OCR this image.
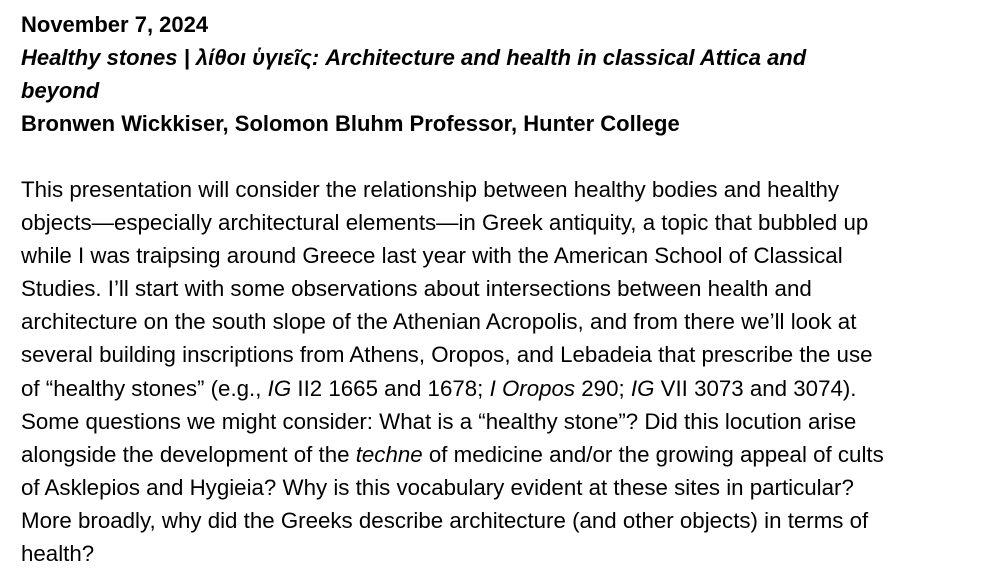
November 7, 2024
Healthy stones | λίθοι ὑγιεῖς: Architecture and health in classical Attica and
beyond
Bronwen Wickkiser, Solomon Bluhm Professor, Hunter College
This presentation will consider the relationship between healthy bodies and healthy
objects—especially architectural elements—in Greek antiquity, a topic that bubbled up
while I was traipsing around Greece last year with the American School of Classical
Studies. I’ll start with some observations about intersections between health and
architecture on the south slope of the Athenian Acropolis, and from there we’ll look at
several building inscriptions from Athens, Oropos, and Lebadeia that prescribe the use
of “healthy stones” (e.g., IG II2 1665 and 1678; I Oropos 290; IG VII 3073 and 3074).
Some questions we might consider: What is a “healthy stone”? Did this locution arise
alongside the development of the techne of medicine and/or the growing appeal of cults
of Asklepios and Hygieia? Why is this vocabulary evident at these sites in particular?
More broadly, why did the Greeks describe architecture (and other objects) in terms of
health?
